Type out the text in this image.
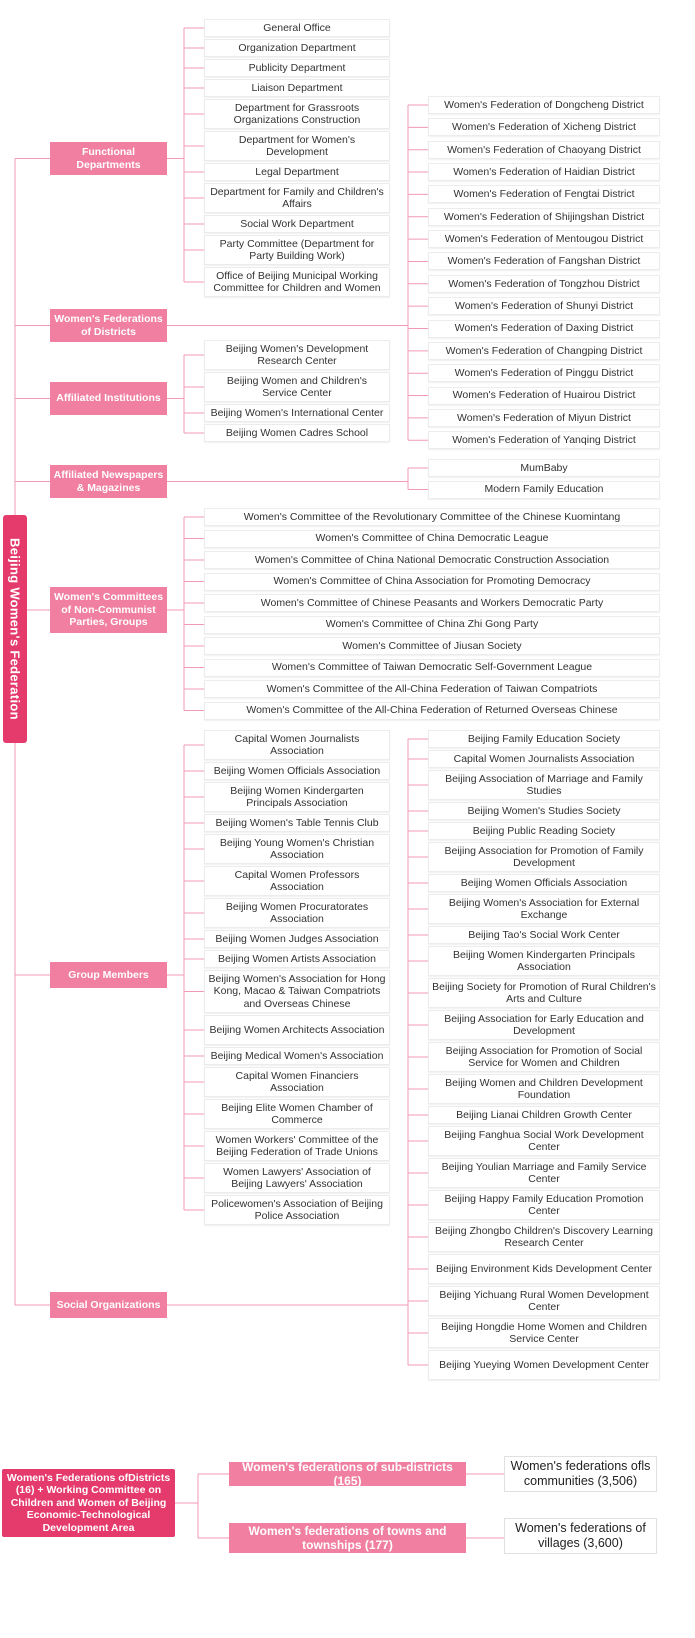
Beijing Women's Federation
Functional Departments
Women's Federations of Districts
Affiliated Institutions
Affiliated Newspapers & Magazines
Women's Committees of Non-Communist Parties, Groups
Group Members
Social Organizations
General Office
Organization Department
Publicity Department
Liaison Department
Department for Grassroots Organizations Construction
Department for Women's Development
Legal Department
Department for Family and Children's Affairs
Social Work Department
Party Committee (Department for Party Building Work)
Office of Beijing Municipal Working Committee for Children and Women
Beijing Women's Development Research Center
Beijing Women and Children's Service Center
Beijing Women's International Center
Beijing Women Cadres School
Women's Committee of the Revolutionary Committee of the Chinese Kuomintang
Women's Committee of China Democratic League
Women's Committee of China National Democratic Construction Association
Women's Committee of China Association for Promoting Democracy
Women's Committee of Chinese Peasants and Workers Democratic Party
Women's Committee of China Zhi Gong Party
Women's Committee of Jiusan Society
Women's Committee of Taiwan Democratic Self-Government League
Women's Committee of the All-China Federation of Taiwan Compatriots
Women's Committee of the All-China Federation of Returned Overseas Chinese
Capital Women Journalists Association
Beijing Women Officials Association
Beijing Women Kindergarten Principals Association
Beijing Women's Table Tennis Club
Beijing Young Women's Christian Association
Capital Women Professors Association
Beijing Women Procuratorates Association
Beijing Women Judges Association
Beijing Women Artists Association
Beijing Women's Association for Hong Kong, Macao & Taiwan Compatriots and Overseas Chinese
Beijing Women Architects Association
Beijing Medical Women's Association
Capital Women Financiers Association
Beijing Elite Women Chamber of Commerce
Women Workers' Committee of the Beijing Federation of Trade Unions
Women Lawyers' Association of Beijing Lawyers' Association
Policewomen's Association of Beijing Police Association
Women's Federation of Dongcheng District
Women's Federation of Xicheng District
Women's Federation of Chaoyang District
Women's Federation of Haidian District
Women's Federation of Fengtai District
Women's Federation of Shijingshan District
Women's Federation of Mentougou District
Women's Federation of Fangshan District
Women's Federation of Tongzhou District
Women's Federation of Shunyi District
Women's Federation of Daxing District
Women's Federation of Changping District
Women's Federation of Pinggu District
Women's Federation of Huairou District
Women's Federation of Miyun District
Women's Federation of Yanqing District
MumBaby
Modern Family Education
Beijing Family Education Society
Capital Women Journalists Association
Beijing Association of Marriage and Family Studies
Beijing Women's Studies Society
Beijing Public Reading Society
Beijing Association for Promotion of Family Development
Beijing Women Officials Association
Beijing Women's Association for External Exchange
Beijing Tao's Social Work Center
Beijing Women Kindergarten Principals Association
Beijing Society for Promotion of Rural Children's Arts and Culture
Beijing Association for Early Education and Development
Beijing Association for Promotion of Social Service for Women and Children
Beijing Women and Children Development Foundation
Beijing Lianai Children Growth Center
Beijing Fanghua Social Work Development Center
Beijing Youlian Marriage and Family Service Center
Beijing Happy Family Education Promotion Center
Beijing Zhongbo Children's Discovery Learning Research Center
Beijing Environment Kids Development Center
Beijing Yichuang Rural Women Development Center
Beijing Hongdie Home Women and Children Service Center
Beijing Yueying Women Development Center
Women's Federations ofDistricts (16) + Working Committee on Children and Women of Beijing Economic-Technological Development Area
Women's federations of sub-districts (165)
Women's federations of towns and townships (177)
Women's federations ofls communities (3,506)
Women's federations of villages (3,600)
